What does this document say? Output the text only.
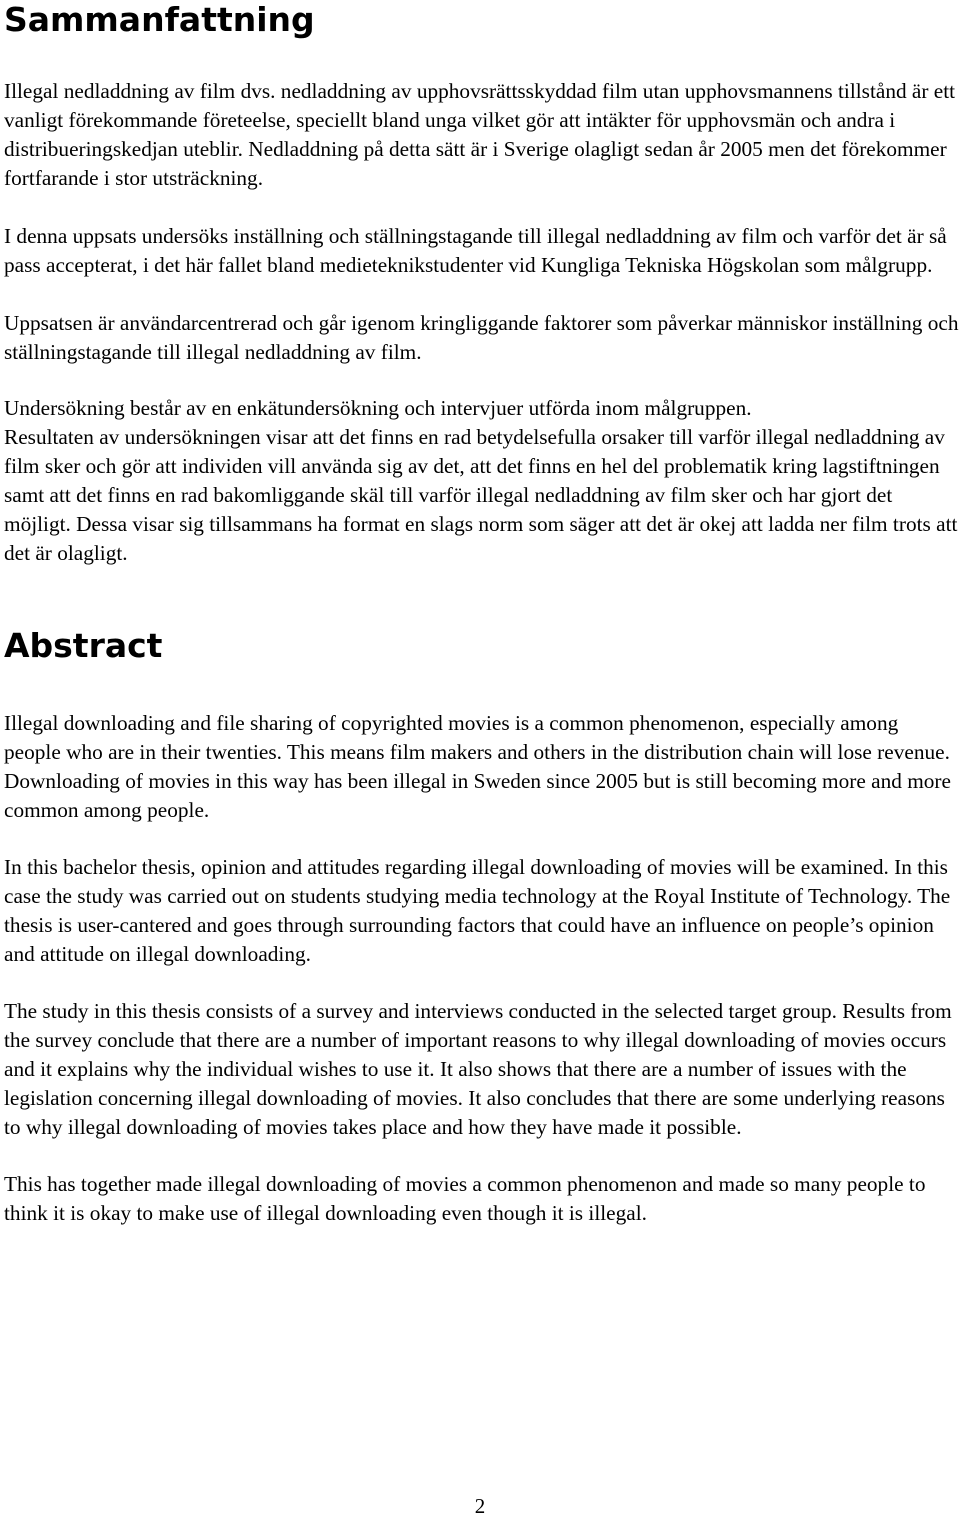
Sammanfattning

Illegal nedladdning av film dvs. nedladdning av upphovsrättsskyddad film utan upphovsmannens tillstånd är ett vanligt förekommande företeelse, speciellt bland unga vilket gör att intäkter för upphovsmän och andra i distribueringskedjan uteblir. Nedladdning på detta sätt är i Sverige olagligt sedan år 2005 men det förekommer fortfarande i stor utsträckning.

I denna uppsats undersöks inställning och ställningstagande till illegal nedladdning av film och varför det är så pass accepterat, i det här fallet bland medieteknikstudenter vid Kungliga Tekniska Högskolan som målgrupp.

Uppsatsen är användarcentrerad och går igenom kringliggande faktorer som påverkar människor inställning och ställningstagande till illegal nedladdning av film.

Undersökning består av en enkätundersökning och intervjuer utförda inom målgruppen.

Resultaten av undersökningen visar att det finns en rad betydelsefulla orsaker till varför illegal nedladdning av film sker och gör att individen vill använda sig av det, att det finns en hel del problematik kring lagstiftningen samt att det finns en rad bakomliggande skäl till varför illegal nedladdning av film sker och har gjort det möjligt. Dessa visar sig tillsammans ha format en slags norm som säger att det är okej att ladda ner film trots att det är olagligt.

Abstract

Illegal downloading and file sharing of copyrighted movies is a common phenomenon, especially among people who are in their twenties. This means film makers and others in the distribution chain will lose revenue. Downloading of movies in this way has been illegal in Sweden since 2005 but is still becoming more and more common among people.

In this bachelor thesis, opinion and attitudes regarding illegal downloading of movies will be examined. In this case the study was carried out on students studying media technology at the Royal Institute of Technology. The thesis is user-cantered and goes through surrounding factors that could have an influence on people’s opinion and attitude on illegal downloading.

The study in this thesis consists of a survey and interviews conducted in the selected target group. Results from the survey conclude that there are a number of important reasons to why illegal downloading of movies occurs and it explains why the individual wishes to use it. It also shows that there are a number of issues with the legislation concerning illegal downloading of movies. It also concludes that there are some underlying reasons to why illegal downloading of movies takes place and how they have made it possible.

This has together made illegal downloading of movies a common phenomenon and made so many people to think it is okay to make use of illegal downloading even though it is illegal.

2
